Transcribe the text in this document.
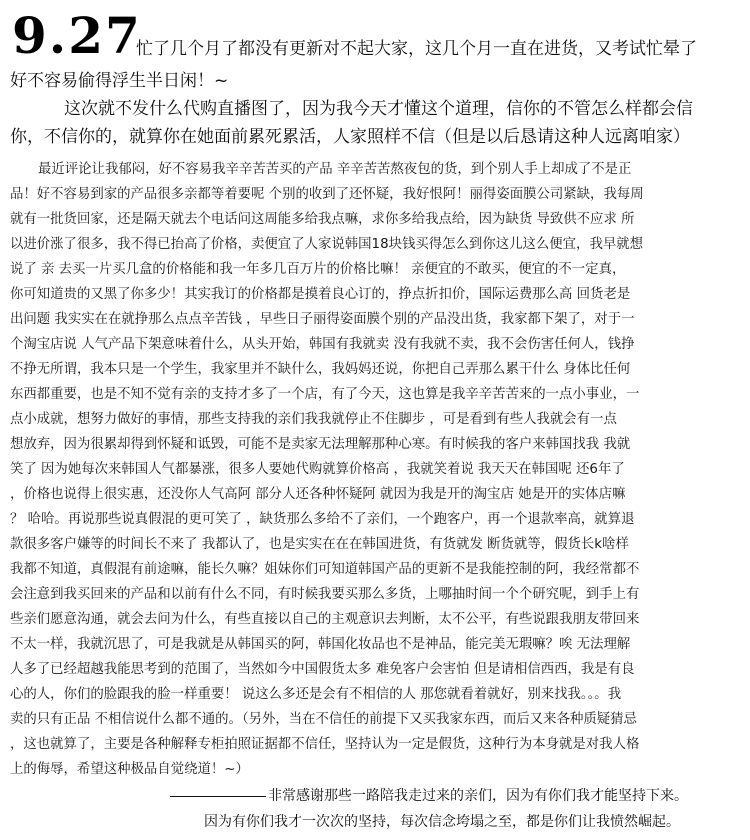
9.27
忙了几个月了都没有更新对不起大家，这几个月一直在进货，又考试忙晕了
好不容易偷得浮生半日闲！~
这次就不发什么代购直播图了，因为我今天才懂这个道理，信你的不管怎么样都会信
你，不信你的，就算你在她面前累死累活，人家照样不信（但是以后恳请这种人远离咱家）
最近评论让我郁闷，好不容易我辛辛苦苦买的产品 辛辛苦苦熬夜包的货，到个别人手上却成了不是正
品！好不容易到家的产品很多亲都等着要呢 个别的收到了还怀疑，我好恨阿！丽得姿面膜公司紧缺，我每周
就有一批货回家，还是隔天就去个电话问这周能多给我点嘛，求你多给我点给，因为缺货 导致供不应求 所
以进价涨了很多，我不得已抬高了价格，卖便宜了人家说韩国18块钱买得怎么到你这儿这么便宜，我早就想
说了 亲 去买一片买几盒的价格能和我一年多几百万片的价格比嘛！ 亲便宜的不敢买，便宜的不一定真，
你可知道贵的又黑了你多少！其实我订的价格都是摸着良心订的，挣点折扣价，国际运费那么高 回货老是
出问题 我实实在在就挣那么点点辛苦钱 ，早些日子丽得姿面膜个别的产品没出货，我家都下架了，对于一
个淘宝店说 人气产品下架意味着什么，从头开始，韩国有我就卖 没有我就不卖，我不会伤害任何人，钱挣
不挣无所谓，我本只是一个学生，我家里并不缺什么，我妈妈还说，你把自己弄那么累干什么 身体比任何
东西都重要，也是不知不觉有亲的支持才多了一个店，有了今天，这也算是我辛辛苦苦来的一点小事业，一
点小成就，想努力做好的事情，那些支持我的亲们我我就停止不住脚步 ，可是看到有些人我就会有一点
想放弃，因为很累却得到怀疑和诋毁，可能不是卖家无法理解那种心寒。有时候我的客户来韩国找我 我就
笑了 因为她每次来韩国人气都暴涨，很多人要她代购就算价格高 ，我就笑着说 我天天在韩国呢 还6年了
，价格也说得上很实惠，还没你人气高阿 部分人还各种怀疑阿 就因为我是开的淘宝店 她是开的实体店嘛
？ 哈哈。再说那些说真假混的更可笑了 ，缺货那么多给不了亲们，一个跑客户，再一个退款率高，就算退
款很多客户嫌等的时间长不来了 我都认了，也是实实在在在韩国进货，有货就发 断货就等，假货长k啥样
我都不知道，真假混有前途嘛，能长久嘛？姐妹你们可知道韩国产品的更新不是我能控制的阿，我经常都不
会注意到我买回来的产品和以前有什么不同，有时候我要买那么多货，上哪抽时间一个个研究呢，到手上有
些亲们愿意沟通，就会去问为什么，有些直接以自己的主观意识去判断，太不公平，有些说跟我朋友带回来
不太一样，我就沉思了，可是我就是从韩国买的阿，韩国化妆品也不是神品，能完美无瑕嘛？唉 无法理解
人多了已经超越我能思考到的范围了，当然如今中国假货太多 难免客户会害怕 但是请相信西西，我是有良
心的人，你们的脸跟我的脸一样重要！ 说这么多还是会有不相信的人 那您就看着就好，别来找我。。。我
卖的只有正品 不相信说什么都不通的。（另外，当在不信任的前提下又买我家东西，而后又来各种质疑猜忌
，这也就算了，主要是各种解释专柜拍照证据都不信任，坚持认为一定是假货，这种行为本身就是对我人格
上的侮辱，希望这种极品自觉绕道！~）
非常感谢那些一路陪我走过来的亲们，因为有你们我才能坚持下来。
因为有你们我才一次次的坚持，每次信念垮塌之至，都是你们让我愤然崛起。
